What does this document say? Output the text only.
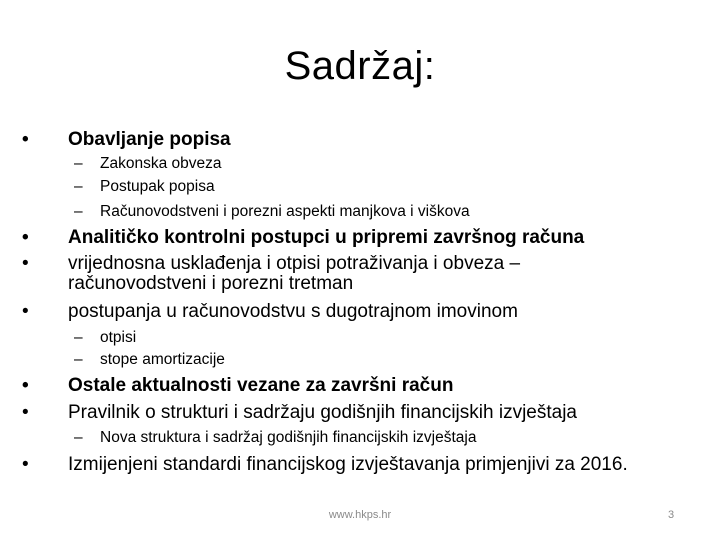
Sadržaj:
•	Obavljanje popisa
– Zakonska obveza
– Postupak popisa
– Računovodstveni i porezni aspekti manjkova i viškova
•	Analitičko kontrolni postupci u pripremi završnog računa
•	vrijednosna usklađenja i otpisi potraživanja i obveza –
računovodstveni i porezni tretman
•	postupanja u računovodstvu s dugotrajnom imovinom
– otpisi
– stope amortizacije
•	Ostale aktualnosti vezane za završni račun
•	Pravilnik o strukturi i sadržaju godišnjih financijskih izvještaja
– Nova struktura i sadržaj godišnjih financijskih izvještaja
•	Izmijenjeni standardi financijskog izvještavanja primjenjivi za 2016.
www.hkps.hr	3
